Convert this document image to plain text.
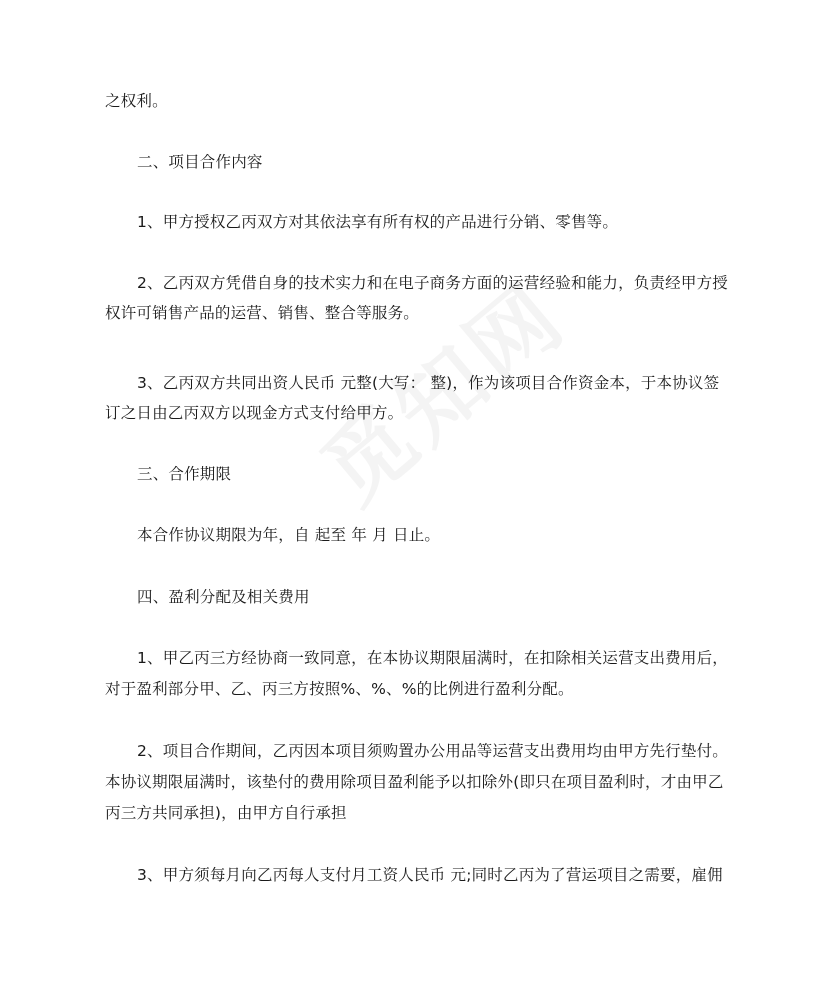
之权利。
二、项目合作内容
1、甲方授权乙丙双方对其依法享有所有权的产品进行分销、零售等。
2、乙丙双方凭借自身的技术实力和在电子商务方面的运营经验和能力，负责经甲方授
权许可销售产品的运营、销售、整合等服务。
3、乙丙双方共同出资人民币 元整(大写： 整)，作为该项目合作资金本，于本协议签
订之日由乙丙双方以现金方式支付给甲方。
三、合作期限
本合作协议期限为年，自 起至 年 月 日止。
四、盈利分配及相关费用
1、甲乙丙三方经协商一致同意，在本协议期限届满时，在扣除相关运营支出费用后，
对于盈利部分甲、乙、丙三方按照%、%、%的比例进行盈利分配。
2、项目合作期间，乙丙因本项目须购置办公用品等运营支出费用均由甲方先行垫付。
本协议期限届满时，该垫付的费用除项目盈利能予以扣除外(即只在项目盈利时，才由甲乙
丙三方共同承担)，由甲方自行承担
3、甲方须每月向乙丙每人支付月工资人民币 元;同时乙丙为了营运项目之需要，雇佣
